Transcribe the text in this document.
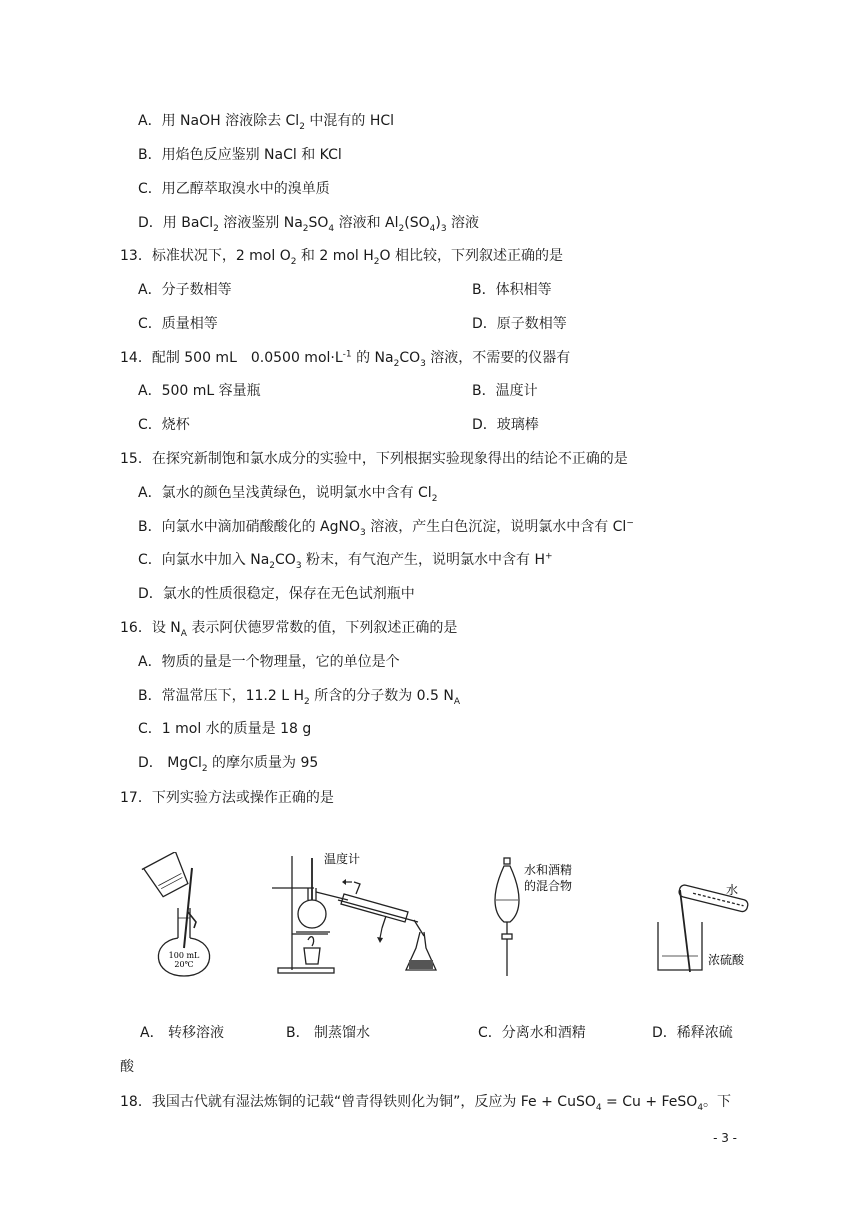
A．用 NaOH 溶液除去 $Cl_2$ 中混有的 HCl
B．用焰色反应鉴别 NaCl 和 KCl
C．用乙醇萃取溴水中的溴单质
D．用 BaCl$_2$ 溶液鉴别 $Na_2SO_4$ 溶液和 $Al_2(SO_4)_3$ 溶液
13．标准状况下，2 mol $O_2$ 和 2 mol $H_2O$ 相比较，下列叙述正确的是
A．分子数相等	B．体积相等
C．质量相等	D．原子数相等
14．配制 500 mL　0.0500 $mol\cdot L^{-1}$ 的 $Na_2CO_3$ 溶液，不需要的仪器有
A．500 mL 容量瓶	B．温度计
C．烧杯	D．玻璃棒
15．在探究新制饱和氯水成分的实验中，下列根据实验现象得出的结论不正确的是
A．氯水的颜色呈浅黄绿色，说明氯水中含有 $Cl_2$
B．向氯水中滴加硝酸酸化的 AgNO$_3$ 溶液，产生白色沉淀，说明氯水中含有 Cl−
C．向氯水中加入 $Na_2CO_3$ 粉末，有气泡产生，说明氯水中含有 H+
D．氯水的性质很稳定，保存在无色试剂瓶中
16．设 $N_A$ 表示阿伏德罗常数的值，下列叙述正确的是
A．物质的量是一个物理量，它的单位是个
B．常温常压下，11.2 L $H_2$ 所含的分子数为 0.5 $N_A$
C．1 mol 水的质量是 18 g
D． MgCl$_2$ 的摩尔质量为 95
17．下列实验方法或操作正确的是
100 mL
20℃
温度计
水和酒精
的混合物	水
浓硫酸
A． 转移溶液	B． 制蒸馏水	C．分离水和酒精	D．稀释浓硫
酸
18．我国古代就有湿法炼铜的记载“曾青得铁则化为铜”，反应为 Fe + CuSO$_4$ = Cu + FeSO$_4$。下
- 3 -
